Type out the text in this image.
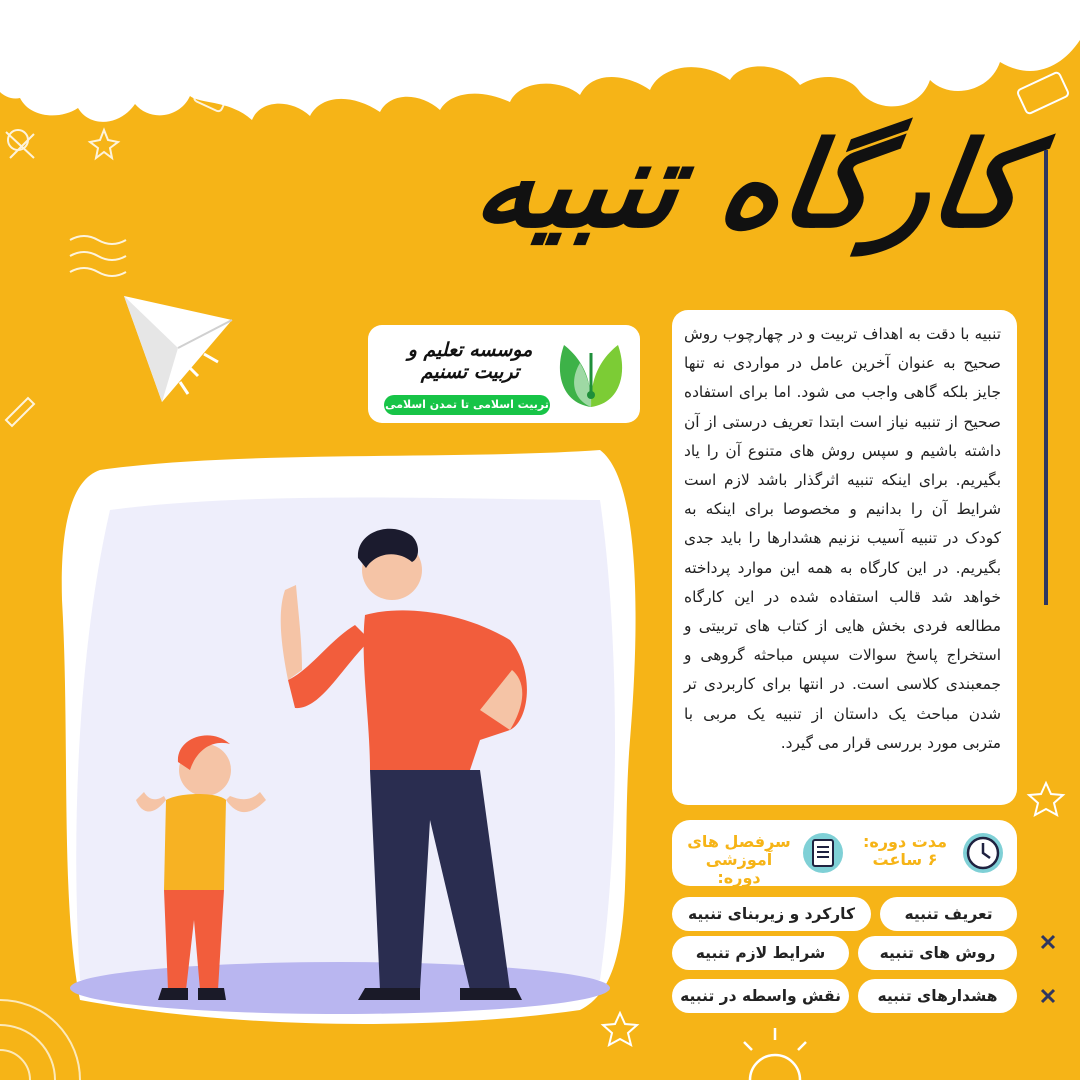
کارگاه تنبیه
موسسه تعلیم و تربیت تسنیم
تربیت اسلامی تا تمدن اسلامی
تنبیه با دقت به اهداف تربیت و در چهارچوب روش صحیح به عنوان آخرین عامل در مواردی نه تنها جایز بلکه گاهی واجب می شود. اما برای استفاده صحیح از تنبیه نیاز است ابتدا تعریف درستی از آن داشته باشیم و سپس روش های متنوع آن را یاد بگیریم. برای اینکه تنبیه اثرگذار باشد لازم است شرایط آن را بدانیم و مخصوصا برای اینکه به کودک در تنبیه آسیب نزنیم هشدارها را باید جدی بگیریم. در این کارگاه به همه این موارد پرداخته خواهد شد قالب استفاده شده در این کارگاه مطالعه فردی بخش هایی از کتاب های تربیتی و استخراج پاسخ سوالات سپس مباحثه گروهی و جمعبندی کلاسی است. در انتها برای کاربردی تر شدن مباحث یک داستان از تنبیه یک مربی با متربی مورد بررسی قرار می گیرد.
مدت دوره:
۶ ساعت
سرفصل های
آموزشی دوره:
تعریف تنبیه
کارکرد و زیربنای تنبیه
روش های تنبیه
شرایط لازم تنبیه
هشدارهای تنبیه
نقش واسطه در تنبیه
